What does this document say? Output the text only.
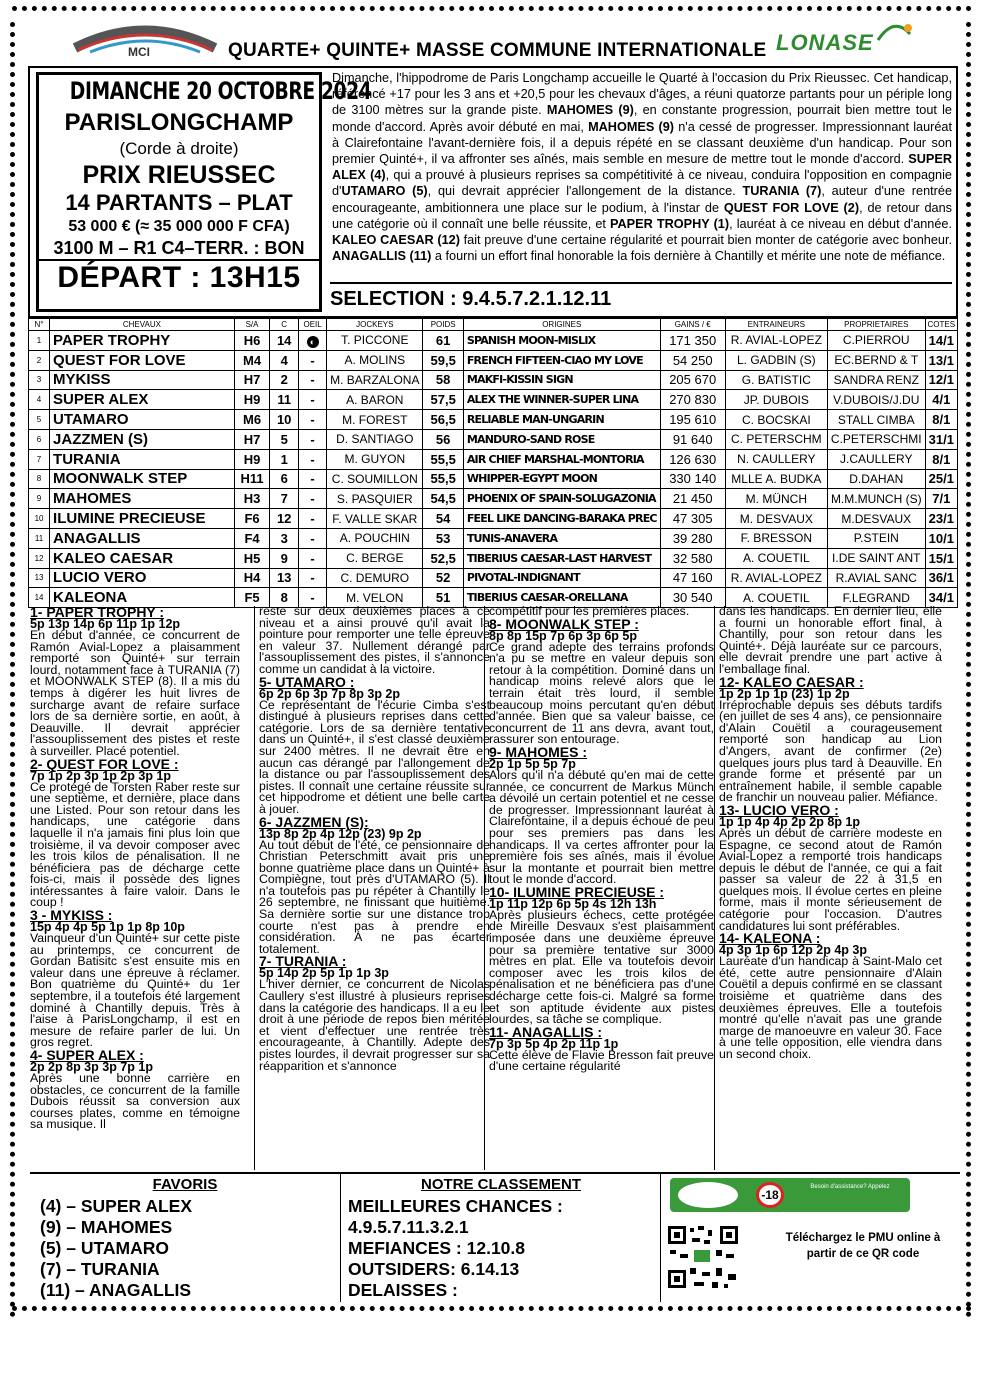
MCI	QUARTE+ QUINTE+ MASSE COMMUNE INTERNATIONALE LONASE
DIMANCHE 20 OCTOBRE 2024
PARISLONGCHAMP
(Corde à droite)
PRIX RIEUSSEC
14 PARTANTS – PLAT
53 000 € (≈ 35 000 000 F CFA)
3100 M – R1 C4–TERR. : BON
DÉPART : 13H15
Dimanche, l'hippodrome de Paris Longchamp accueille le Quarté à l'occasion du Prix Rieussec. Cet handicap, référencé +17 pour les 3 ans et +20,5 pour les chevaux d'âges, a réuni quatorze partants pour un périple long de 3100 mètres sur la grande piste. MAHOMES (9), en constante progression, pourrait bien mettre tout le monde d'accord. Après avoir débuté en mai, MAHOMES (9) n'a cessé de progresser. Impressionnant lauréat à Clairefontaine l'avant-dernière fois, il a depuis répété en se classant deuxième d'un handicap. Pour son premier Quinté+, il va affronter ses aînés, mais semble en mesure de mettre tout le monde d'accord. SUPER ALEX (4), qui a prouvé à plusieurs reprises sa compétitivité à ce niveau, conduira l'opposition en compagnie d'UTAMARO (5), qui devrait apprécier l'allongement de la distance. TURANIA (7), auteur d'une rentrée encourageante, ambitionnera une place sur le podium, à l'instar de QUEST FOR LOVE (2), de retour dans une catégorie où il connaît une belle réussite, et PAPER TROPHY (1), lauréat à ce niveau en début d'année. KALEO CAESAR (12) fait preuve d'une certaine régularité et pourrait bien monter de catégorie avec bonheur. ANAGALLIS (11) a fourni un effort final honorable la fois dernière à Chantilly et mérite une note de méfiance.
SELECTION : 9.4.5.7.2.1.12.11
N°	CHEVAUX	S/A	C	OEIL	JOCKEYS	POIDS	ORIGINES	GAINS / €	ENTRAINEURS	PROPRIETAIRES	COTES
1	PAPER TROPHY	H6	14	◐	T. PICCONE	61	SPANISH MOON-MISLIX	171 350	R. AVIAL-LOPEZ	C.PIERROU	14/1
2	QUEST FOR LOVE	M4	4	-	A. MOLINS	59,5	FRENCH FIFTEEN-CIAO MY LOVE	54 250	L. GADBIN (S)	EC.BERND & T	13/1
3	MYKISS	H7	2	-	M. BARZALONA	58	MAKFI-KISSIN SIGN	205 670	G. BATISTIC	SANDRA RENZ	12/1
4	SUPER ALEX	H9	11	-	A. BARON	57,5	ALEX THE WINNER-SUPER LINA	270 830	JP. DUBOIS	V.DUBOIS/J.DU	4/1
5	UTAMARO	M6	10	-	M. FOREST	56,5	RELIABLE MAN-UNGARIN	195 610	C. BOCSKAI	STALL CIMBA	8/1
6	JAZZMEN (S)	H7	5	-	D. SANTIAGO	56	MANDURO-SAND ROSE	91 640	C. PETERSCHM	C.PETERSCHMI	31/1
7	TURANIA	H9	1	-	M. GUYON	55,5	AIR CHIEF MARSHAL-MONTORIA	126 630	N. CAULLERY	J.CAULLERY	8/1
8	MOONWALK STEP	H11	6	-	C. SOUMILLON	55,5	WHIPPER-EGYPT MOON	330 140	MLLE A. BUDKA	D.DAHAN	25/1
9	MAHOMES	H3	7	-	S. PASQUIER	54,5	PHOENIX OF SPAIN-SOLUGAZONIA	21 450	M. MÜNCH	M.M.MUNCH (S)	7/1
10	ILUMINE PRECIEUSE	F6	12	-	F. VALLE SKAR	54	FEEL LIKE DANCING-BARAKA PREC	47 305	M. DESVAUX	M.DESVAUX	23/1
11	ANAGALLIS	F4	3	-	A. POUCHIN	53	TUNIS-ANAVERA	39 280	F. BRESSON	P.STEIN	10/1
12	KALEO CAESAR	H5	9	-	C. BERGE	52,5	TIBERIUS CAESAR-LAST HARVEST	32 580	A. COUETIL	I.DE SAINT ANT	15/1
13	LUCIO VERO	H4	13	-	C. DEMURO	52	PIVOTAL-INDIGNANT	47 160	R. AVIAL-LOPEZ	R.AVIAL SANC	36/1
14	KALEONA	F5	8	-	M. VELON	51	TIBERIUS CAESAR-ORELLANA	30 540	A. COUETIL	F.LEGRAND	34/1
1- PAPER TROPHY :
5p 13p 14p 6p 11p 1p 12p
En début d'année, ce concurrent de Ramón Avial-Lopez a plaisamment remporté son Quinté+ sur terrain lourd, notamment face à TURANIA (7) et MOONWALK STEP (8). Il a mis du temps à digérer les huit livres de surcharge avant de refaire surface lors de sa dernière sortie, en août, à Deauville. Il devrait apprécier l'assouplissement des pistes et reste à surveiller. Placé potentiel.
2- QUEST FOR LOVE :
7p 1p 2p 3p 1p 2p 3p 1p
Ce protégé de Torsten Raber reste sur une septième, et dernière, place dans une Listed. Pour son retour dans les handicaps, une catégorie dans laquelle il n'a jamais fini plus loin que troisième, il va devoir composer avec les trois kilos de pénalisation. Il ne bénéficiera pas de décharge cette fois-ci, mais il possède des lignes intéressantes à faire valoir. Dans le coup !
3 - MYKISS :
15p 4p 4p 5p 1p 1p 8p 10p
Vainqueur d'un Quinté+ sur cette piste au printemps, ce concurrent de Gordan Batisitc s'est ensuite mis en valeur dans une épreuve à réclamer. Bon quatrième du Quinté+ du 1er septembre, il a toutefois été largement dominé à Chantilly depuis. Très à l'aise à ParisLongchamp, il est en mesure de refaire parler de lui. Un gros regret.
4- SUPER ALEX :
2p 2p 8p 3p 3p 7p 1p
Après une bonne carrière en obstacles, ce concurrent de la famille Dubois réussit sa conversion aux courses plates, comme en témoigne sa musique. Il
reste sur deux deuxièmes places à ce niveau et a ainsi prouvé qu'il avait la pointure pour remporter une telle épreuve en valeur 37. Nullement dérangé par l'assouplissement des pistes, il s'annonce comme un candidat à la victoire.
5- UTAMARO :
6p 2p 6p 3p 7p 8p 3p 2p
Ce représentant de l'écurie Cimba s'est distingué à plusieurs reprises dans cette catégorie. Lors de sa dernière tentative dans un Quinté+, il s'est classé deuxième sur 2400 mètres. Il ne devrait être en aucun cas dérangé par l'allongement de la distance ou par l'assouplissement des pistes. Il connaît une certaine réussite sur cet hippodrome et détient une belle carte à jouer.
6- JAZZMEN (S):
13p 8p 2p 4p 12p (23) 9p 2p
Au tout début de l'été, ce pensionnaire de Christian Peterschmitt avait pris une bonne quatrième place dans un Quinté+ à Compiègne, tout près d'UTAMARO (5). Il n'a toutefois pas pu répéter à Chantilly le 26 septembre, ne finissant que huitième. Sa dernière sortie sur une distance trop courte n'est pas à prendre en considération. À ne pas écarter totalement.
7- TURANIA :
5p 14p 2p 5p 1p 1p 3p
L'hiver dernier, ce concurrent de Nicolas Caullery s'est illustré à plusieurs reprises dans la catégorie des handicaps. Il a eu le droit à une période de repos bien méritée et vient d'effectuer une rentrée très encourageante, à Chantilly. Adepte des pistes lourdes, il devrait progresser sur sa réapparition et s'annonce
compétitif pour les premières places.
8- MOONWALK STEP :
8p 8p 15p 7p 6p 3p 6p 5p
Ce grand adepte des terrains profonds n'a pu se mettre en valeur depuis son retour à la compétition. Dominé dans un handicap moins relevé alors que le terrain était très lourd, il semble beaucoup moins percutant qu'en début d'année. Bien que sa valeur baisse, ce concurrent de 11 ans devra, avant tout, rassurer son entourage.
9- MAHOMES :
2p 1p 5p 5p 7p
Alors qu'il n'a débuté qu'en mai de cette année, ce concurrent de Markus Münch a dévoilé un certain potentiel et ne cesse de progresser. Impressionnant lauréat à Clairefontaine, il a depuis échoué de peu pour ses premiers pas dans les handicaps. Il va certes affronter pour la première fois ses aînés, mais il évolue sur la montante et pourrait bien mettre tout le monde d'accord.
10- ILUMINE PRECIEUSE :
1p 11p 12p 6p 5p 4s 12h 13h
Après plusieurs échecs, cette protégée de Mireille Desvaux s'est plaisamment imposée dans une deuxième épreuve pour sa première tentative sur 3000 mètres en plat. Elle va toutefois devoir composer avec les trois kilos de pénalisation et ne bénéficiera pas d'une décharge cette fois-ci. Malgré sa forme et son aptitude évidente aux pistes lourdes, sa tâche se complique.
11- ANAGALLIS :
7p 3p 5p 4p 2p 11p 1p
Cette élève de Flavie Bresson fait preuve d'une certaine régularité
dans les handicaps. En dernier lieu, elle a fourni un honorable effort final, à Chantilly, pour son retour dans les Quinté+. Déjà lauréate sur ce parcours, elle devrait prendre une part active à l'emballage final.
12- KALEO CAESAR :
1p 2p 1p 1p (23) 1p 2p
Irréprochable depuis ses débuts tardifs (en juillet de ses 4 ans), ce pensionnaire d'Alain Couëtil a courageusement remporté son handicap au Lion d'Angers, avant de confirmer (2e) quelques jours plus tard à Deauville. En grande forme et présenté par un entraînement habile, il semble capable de franchir un nouveau palier. Méfiance.
13- LUCIO VERO :
1p 1p 4p 4p 2p 2p 8p 1p
Après un début de carrière modeste en Espagne, ce second atout de Ramón Avial-Lopez a remporté trois handicaps depuis le début de l'année, ce qui a fait passer sa valeur de 22 à 31,5 en quelques mois. Il évolue certes en pleine forme, mais il monte sérieusement de catégorie pour l'occasion. D'autres candidatures lui sont préférables.
14- KALEONA :
4p 3p 1p 6p 12p 2p 4p 3p
Lauréate d'un handicap à Saint-Malo cet été, cette autre pensionnaire d'Alain Couëtil a depuis confirmé en se classant troisième et quatrième dans des deuxièmes épreuves. Elle a toutefois montré qu'elle n'avait pas une grande marge de manoeuvre en valeur 30. Face à une telle opposition, elle viendra dans un second choix.
FAVORIS
(4) – SUPER ALEX
(9) – MAHOMES
(5) – UTAMARO
(7) – TURANIA
(11) – ANAGALLIS
NOTRE CLASSEMENT
MEILLEURES CHANCES :
4.9.5.7.11.3.2.1
MEFIANCES : 12.10.8
OUTSIDERS: 6.14.13
DELAISSES :
-18
Besoin d'assistance? Appelez
Téléchargez le PMU online à
partir de ce QR code
